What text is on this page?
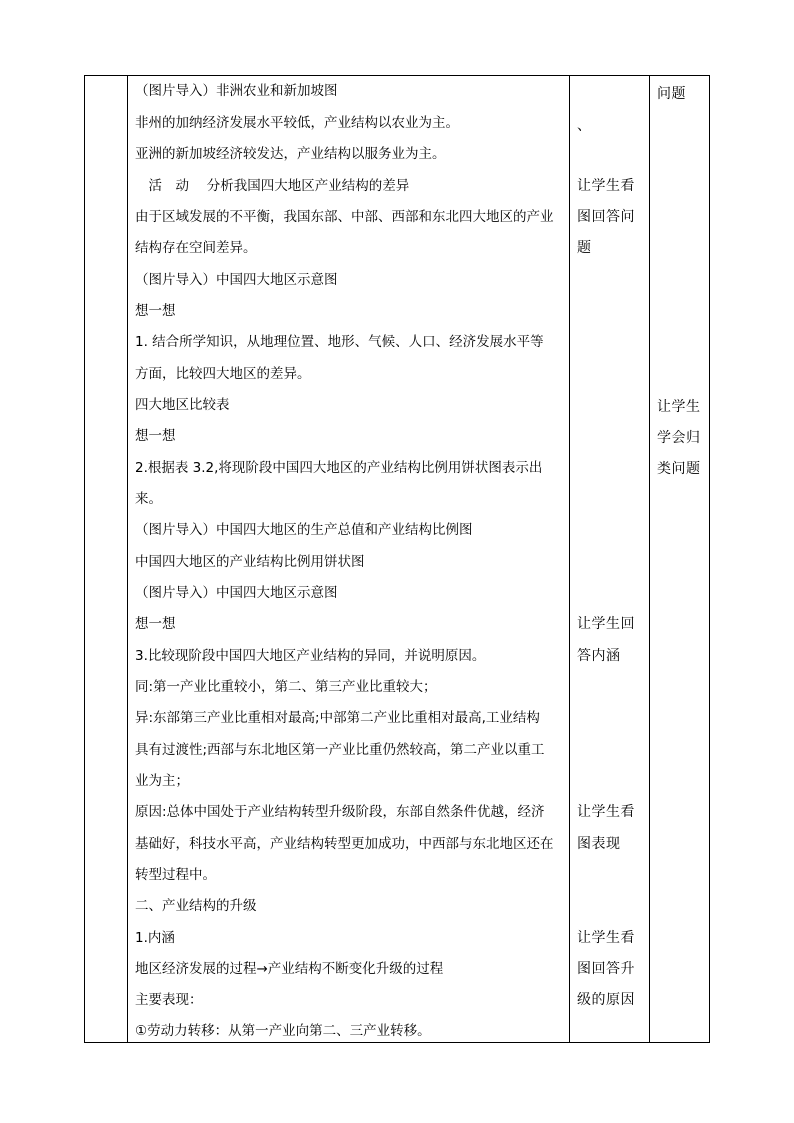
（图片导入）非洲农业和新加坡图
非州的加纳经济发展水平较低，产业结构以农业为主。
亚洲的新加坡经济较发达，产业结构以服务业为主。
　活　动　 分析我国四大地区产业结构的差异
由于区域发展的不平衡，我国东部、中部、西部和东北四大地区的产业
结构存在空间差异。
（图片导入）中国四大地区示意图
想一想
1. 结合所学知识，从地理位置、地形、气候、人口、经济发展水平等
方面，比较四大地区的差异。
四大地区比较表
想一想
2.根据表 3.2,将现阶段中国四大地区的产业结构比例用饼状图表示出
来。
（图片导入）中国四大地区的生产总值和产业结构比例图
中国四大地区的产业结构比例用饼状图
（图片导入）中国四大地区示意图
想一想
3.比较现阶段中国四大地区产业结构的异同，并说明原因。
同:第一产业比重较小，第二、第三产业比重较大；
异:东部第三产业比重相对最高;中部第二产业比重相对最高,工业结构
具有过渡性;西部与东北地区第一产业比重仍然较高，第二产业以重工
业为主；
原因:总体中国处于产业结构转型升级阶段，东部自然条件优越，经济
基础好，科技水平高，产业结构转型更加成功，中西部与东北地区还在
转型过程中。
二、产业结构的升级
1.内涵
地区经济发展的过程→产业结构不断变化升级的过程
主要表现：
①劳动力转移：从第一产业向第二、三产业转移。
、
让学生看
图回答问
题
让学生回
答内涵
让学生看
图表现
让学生看
图回答升
级的原因
问题
让学生
学会归
类问题
